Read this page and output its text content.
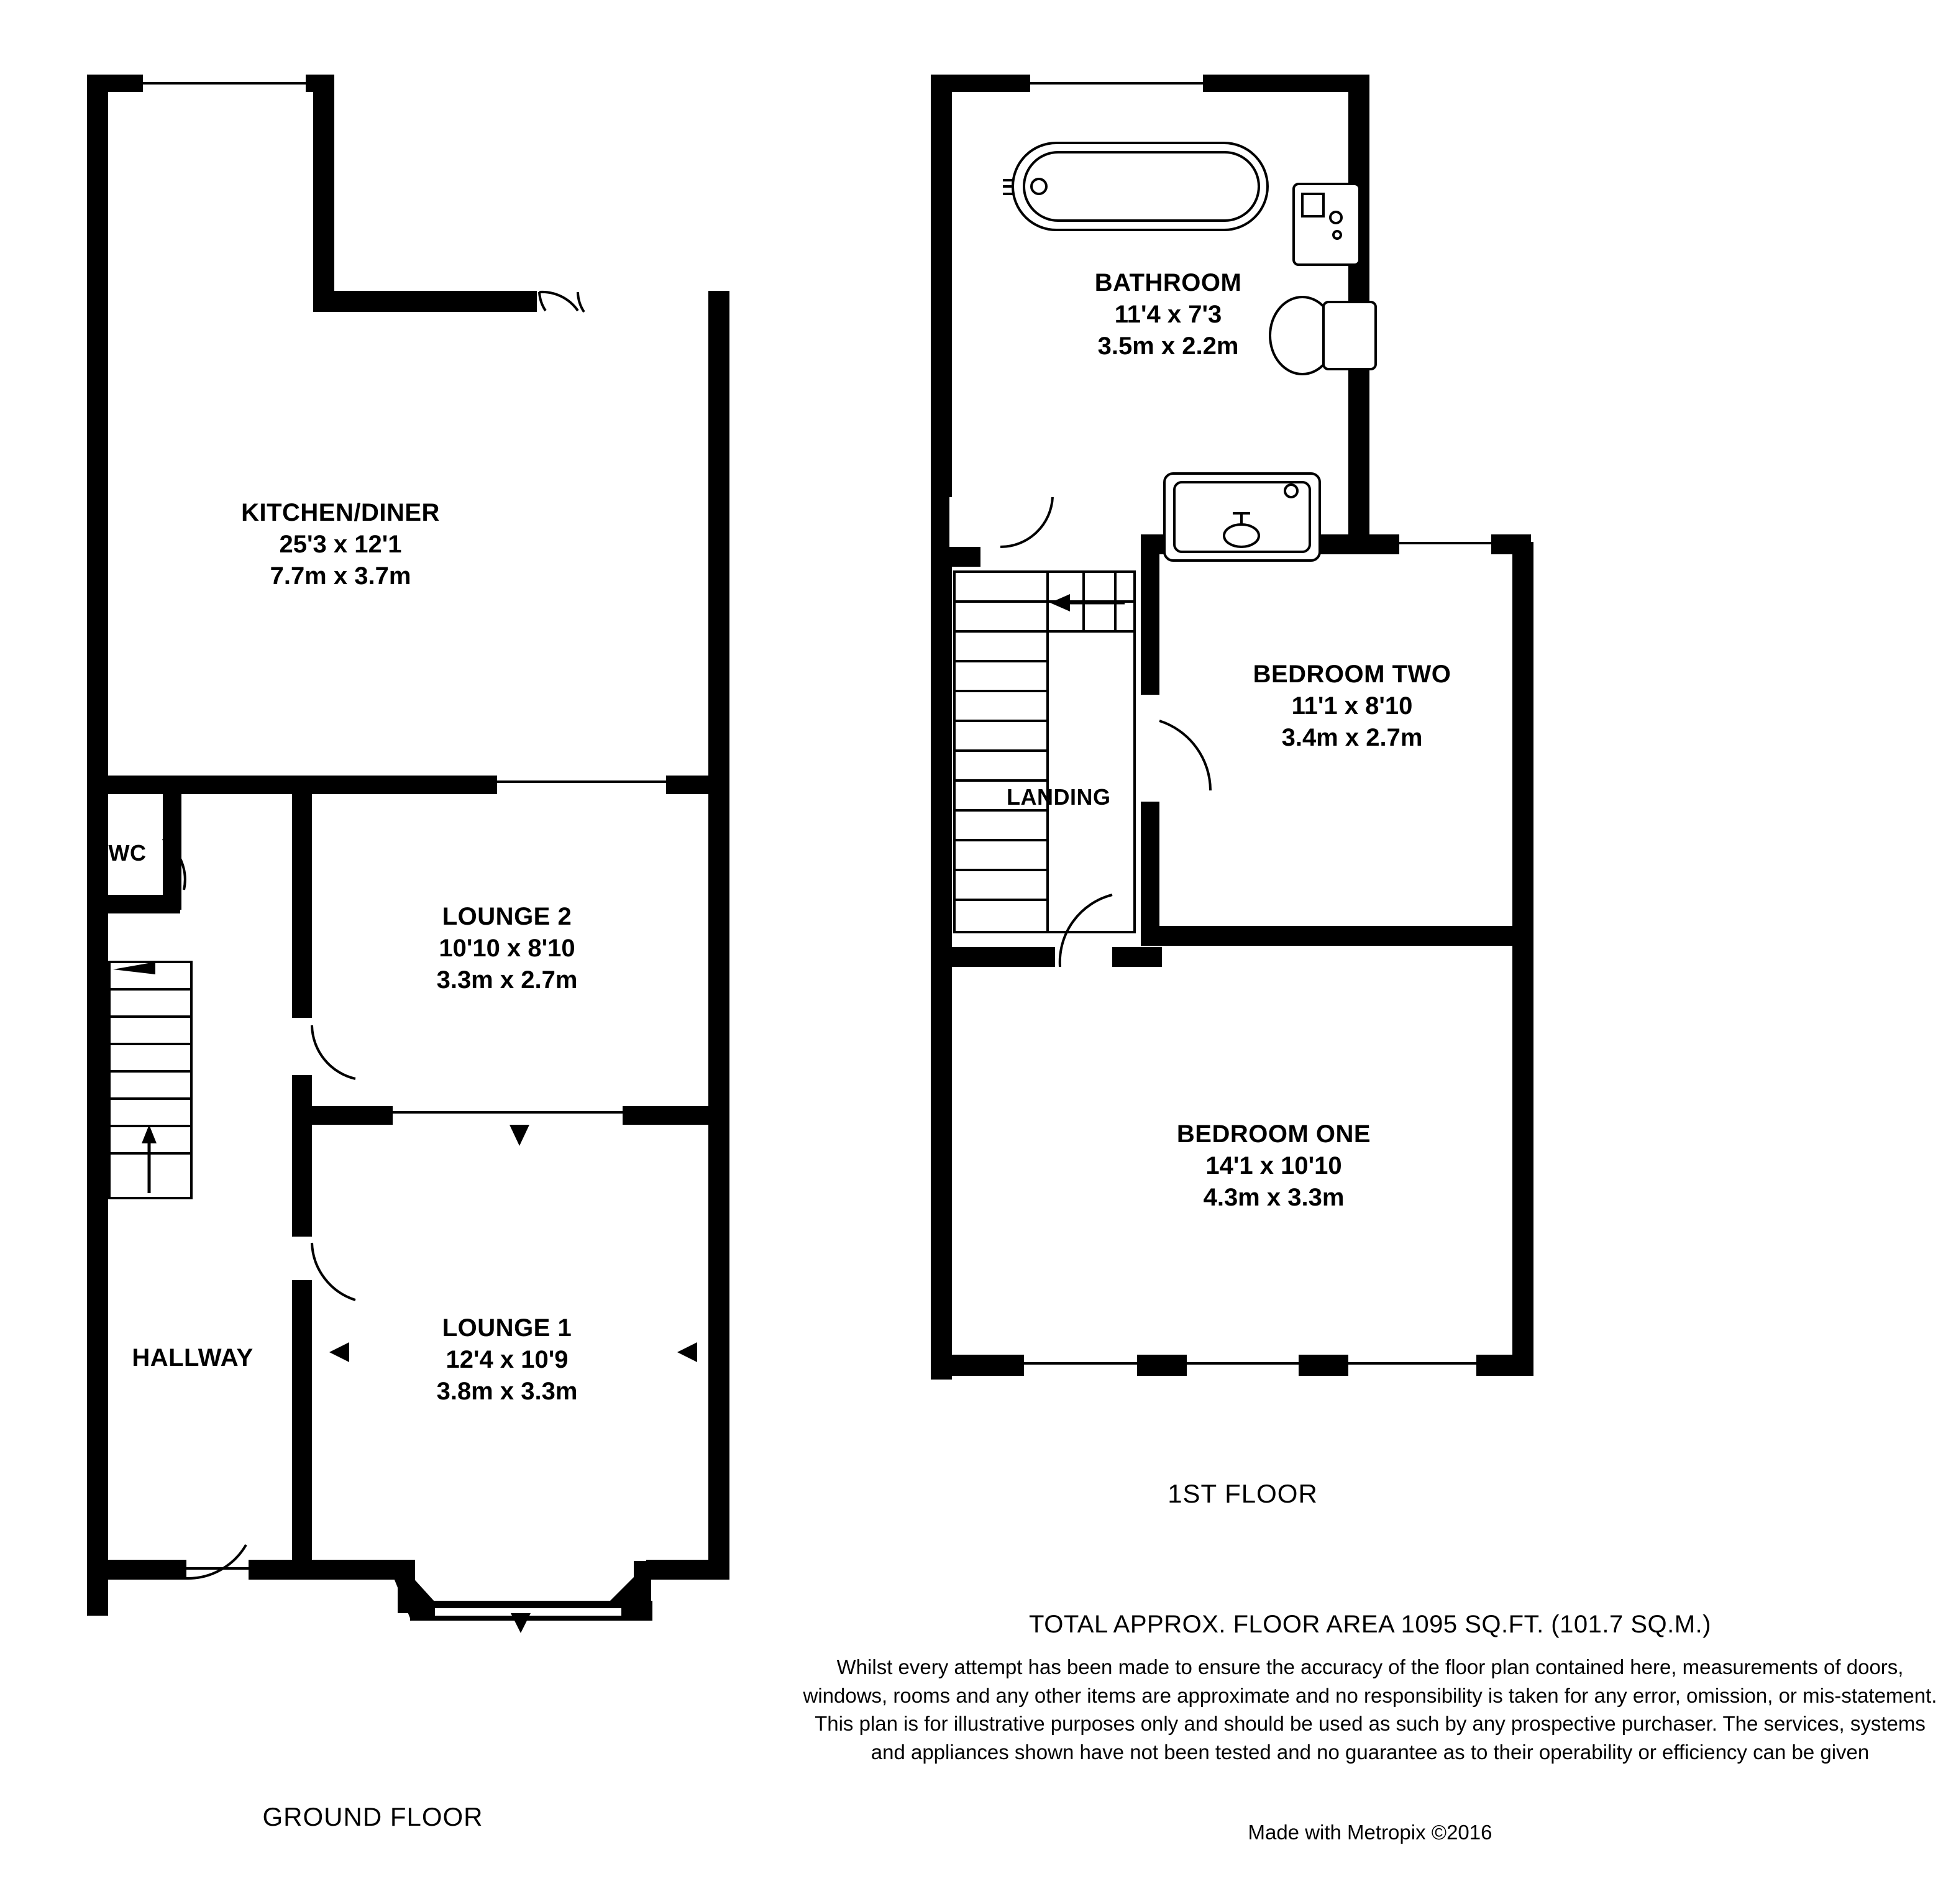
KITCHEN/DINER
25'3 x 12'1
7.7m x 3.7m
LOUNGE 2
10'10 x 8'10
3.3m x 2.7m
LOUNGE 1
12'4 x 10'9
3.8m x 3.3m
HALLWAY
WC
BATHROOM
11'4 x 7'3
3.5m x 2.2m
BEDROOM TWO
11'1 x 8'10
3.4m x 2.7m
BEDROOM ONE
14'1 x 10'10
4.3m x 3.3m
LANDING
GROUND FLOOR
1ST FLOOR
TOTAL APPROX. FLOOR AREA 1095 SQ.FT. (101.7 SQ.M.)
Whilst every attempt has been made to ensure the accuracy of the floor plan contained here, measurements of doors, windows, rooms and any other items are approximate and no responsibility is taken for any error, omission, or mis-statement. This plan is for illustrative purposes only and should be used as such by any prospective purchaser. The services, systems and appliances shown have not been tested and no guarantee as to their operability or efficiency can be given
Made with Metropix ©2016
